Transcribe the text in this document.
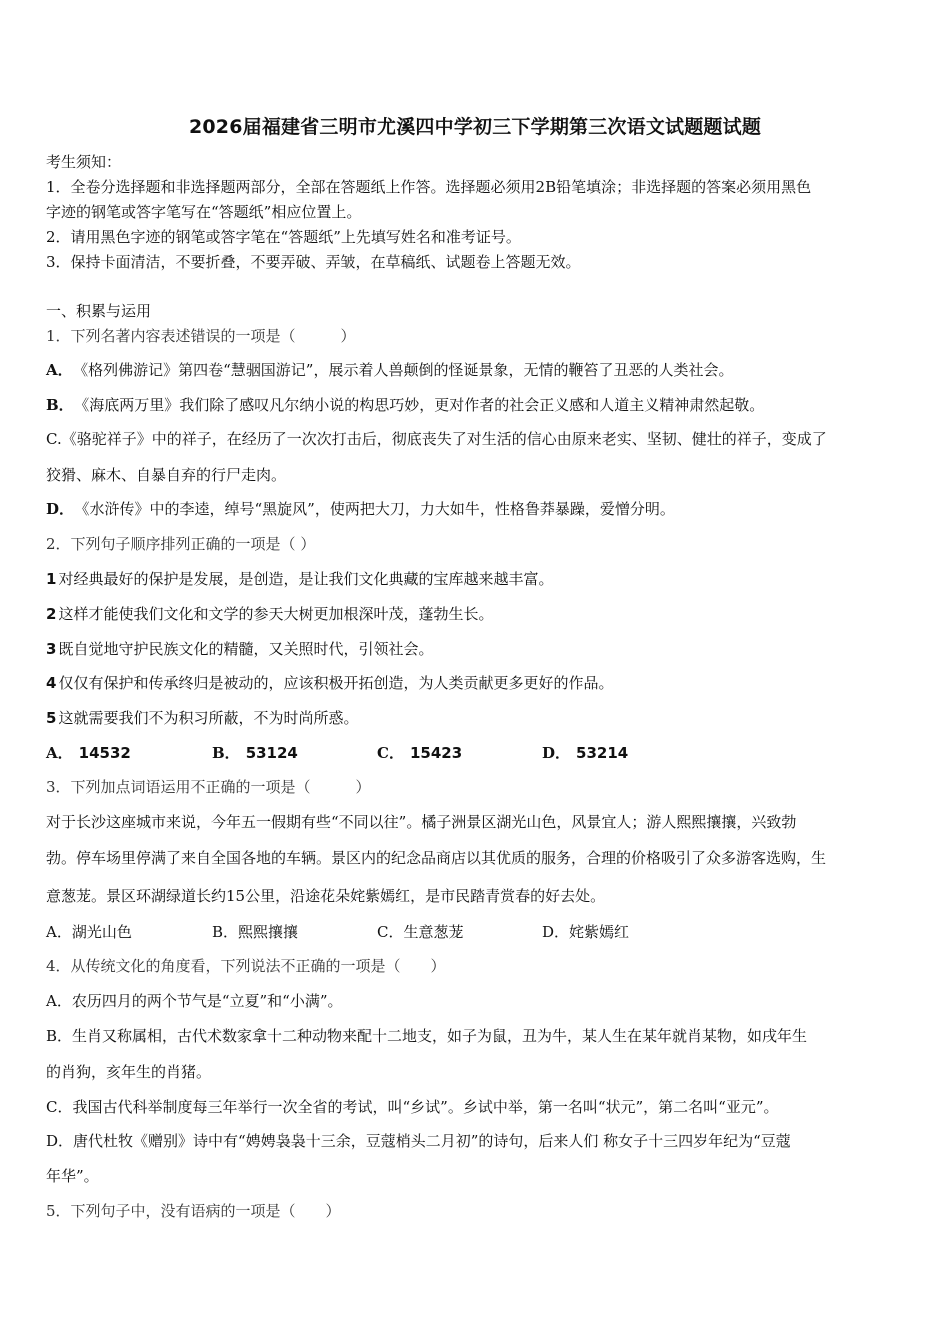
2026届福建省三明市尤溪四中学初三下学期第三次语文试题题试题
考生须知：
1．全卷分选择题和非选择题两部分，全部在答题纸上作答。选择题必须用2B铅笔填涂；非选择题的答案必须用黑色
字迹的钢笔或答字笔写在“答题纸”相应位置上。
2．请用黑色字迹的钢笔或答字笔在“答题纸”上先填写姓名和准考证号。
3．保持卡面清洁，不要折叠，不要弄破、弄皱，在草稿纸、试题卷上答题无效。
一、积累与运用
1．下列名著内容表述错误的一项是（　　　）
A． 《格列佛游记》第四卷“慧骃国游记”，展示着人兽颠倒的怪诞景象，无情的鞭笞了丑恶的人类社会。
B． 《海底两万里》我们除了感叹凡尔纳小说的构思巧妙，更对作者的社会正义感和人道主义精神肃然起敬。
C.《骆驼祥子》中的祥子，在经历了一次次打击后，彻底丧失了对生活的信心由原来老实、坚韧、健壮的祥子，变成了
狡猾、麻木、自暴自弃的行尸走肉。
D． 《水浒传》中的李逵，绰号“黑旋风”，使两把大刀，力大如牛，性格鲁莽暴躁，爱憎分明。
2．下列句子顺序排列正确的一项是（ ）
1 对经典最好的保护是发展，是创造，是让我们文化典藏的宝库越来越丰富。
2 这样才能使我们文化和文学的参天大树更加根深叶茂，蓬勃生长。
3 既自觉地守护民族文化的精髓，又关照时代，引领社会。
4 仅仅有保护和传承终归是被动的，应该积极开拓创造，为人类贡献更多更好的作品。
5 这就需要我们不为积习所蔽，不为时尚所惑。
A． 14532	B． 53124	C． 15423	D． 53214
3．下列加点词语运用不正确的一项是（　　　）
对于长沙这座城市来说，今年五一假期有些“不同以往”。橘子洲景区湖光山色，风景宜人；游人熙熙攘攘，兴致勃
勃。停车场里停满了来自全国各地的车辆。景区内的纪念品商店以其优质的服务，合理的价格吸引了众多游客选购，生
意葱茏。景区环湖绿道长约15公里，沿途花朵姹紫嫣红，是市民踏青赏春的好去处。
A．湖光山色	B．熙熙攘攘	C．生意葱茏	D．姹紫嫣红
4．从传统文化的角度看，下列说法不正确的一项是（　　）
A．农历四月的两个节气是“立夏”和“小满”。
B．生肖又称属相，古代术数家拿十二种动物来配十二地支，如子为鼠，丑为牛，某人生在某年就肖某物，如戌年生
的肖狗，亥年生的肖猪。
C．我国古代科举制度每三年举行一次全省的考试，叫“乡试”。乡试中举，第一名叫“状元”，第二名叫“亚元”。
D．唐代杜牧《赠别》诗中有“娉娉袅袅十三余，豆蔻梢头二月初”的诗句，后来人们 称女子十三四岁年纪为“豆蔻
年华”。
5．下列句子中，没有语病的一项是（　　）
